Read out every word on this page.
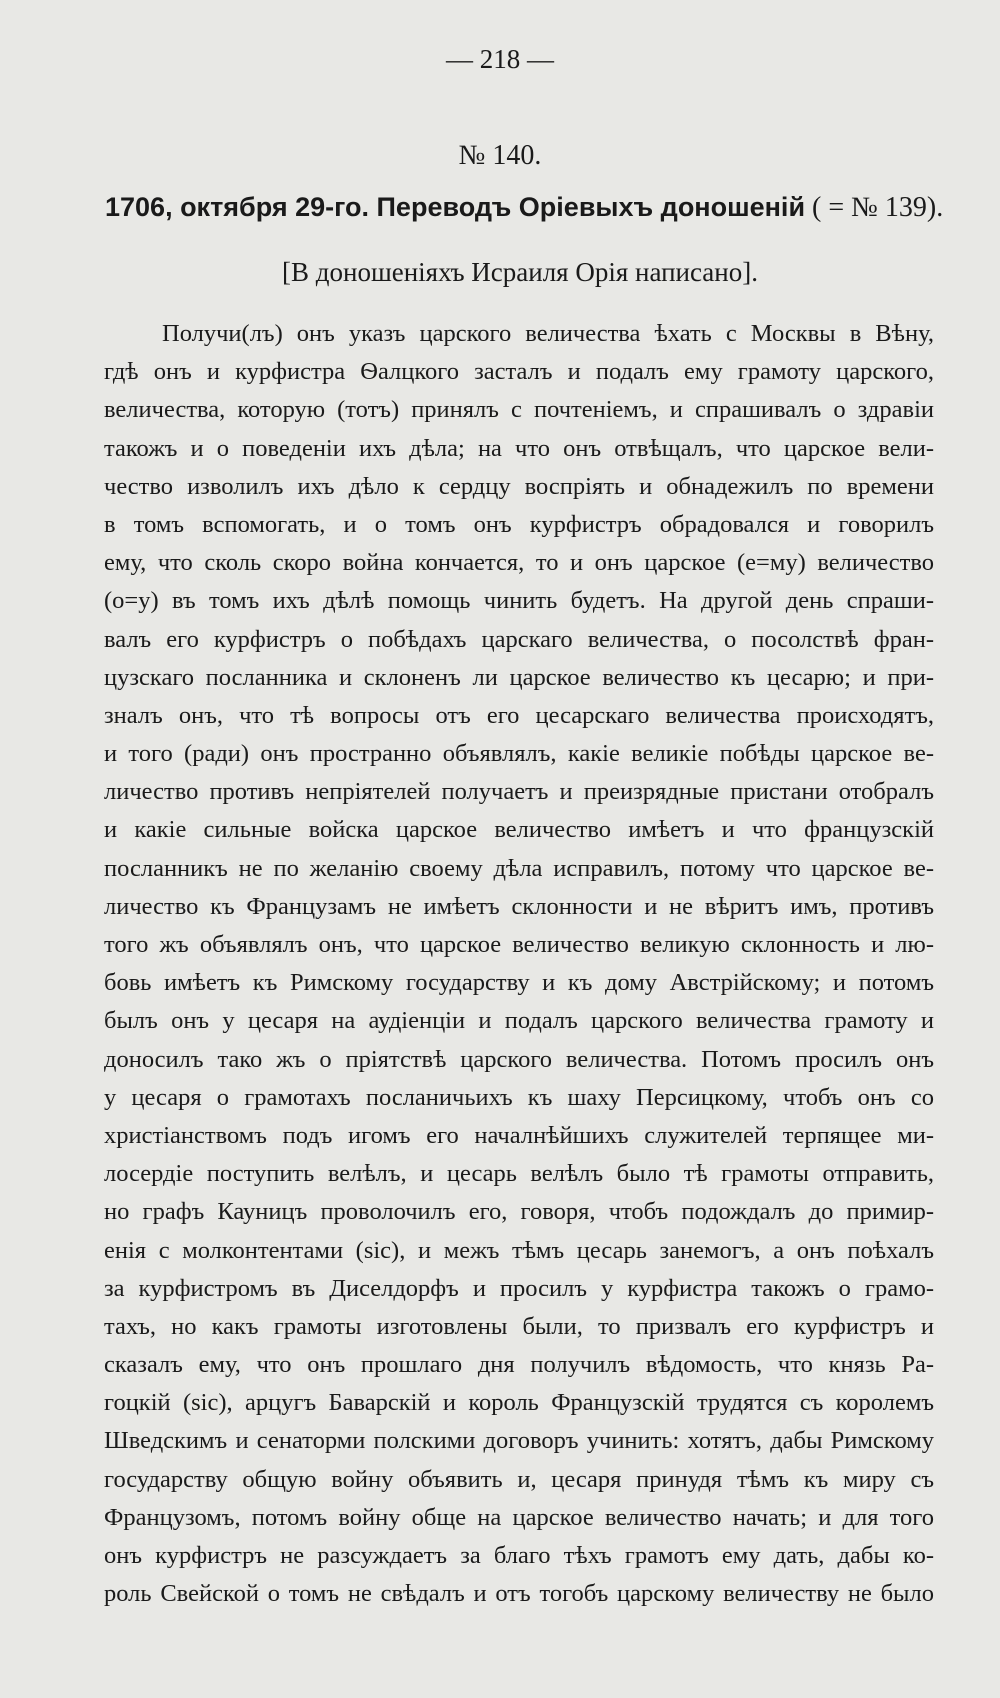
— 218 —
№ 140.
1706, октября 29-го. Переводъ Оріевыхъ доношеній ( = № 139).
[В доношеніяхъ Исраиля Орія написано].
Получи(лъ) онъ указъ царского величества ѣхать с Москвы в Вѣну,
гдѣ онъ и курфистра Ѳалцкого засталъ и подалъ ему грамоту царского,
величества, которую (тотъ) принялъ с почтеніемъ, и спрашивалъ о здравіи
такожъ и о поведеніи ихъ дѣла; на что онъ отвѣщалъ, что царское вели-
чество изволилъ ихъ дѣло к сердцу воспріять и обнадежилъ по времени
в томъ вспомогать, и о томъ онъ курфистръ обрадовался и говорилъ
ему, что сколь скоро война кончается, то и онъ царское (е=му) величество
(о=у) въ томъ ихъ дѣлѣ помощь чинить будетъ. На другой день спраши-
валъ его курфистръ о побѣдахъ царскаго величества, о посолствѣ фран-
цузскаго посланника и склоненъ ли царское величество къ цесарю; и при-
зналъ онъ, что тѣ вопросы отъ его цесарскаго величества происходятъ,
и того (ради) онъ пространно объявлялъ, какіе великіе побѣды царское ве-
личество противъ непріятелей получаетъ и преизрядные пристани отобралъ
и какіе сильные войска царское величество имѣетъ и что французскій
посланникъ не по желанію своему дѣла исправилъ, потому что царское ве-
личество къ Французамъ не имѣетъ склонности и не вѣритъ имъ, противъ
того жъ объявлялъ онъ, что царское величество великую склонность и лю-
бовь имѣетъ къ Римскому государству и къ дому Австрійскому; и потомъ
былъ онъ у цесаря на аудіенціи и подалъ царского величества грамоту и
доносилъ тако жъ о пріятствѣ царского величества. Потомъ просилъ онъ
у цесаря о грамотахъ посланичьихъ къ шаху Персицкому, чтобъ онъ со
христіанствомъ подъ игомъ его началнѣйшихъ служителей терпящее ми-
лосердіе поступить велѣлъ, и цесарь велѣлъ было тѣ грамоты отправить,
но графъ Кауницъ проволочилъ его, говоря, чтобъ подождалъ до примир-
енія с молконтентами (sic), и межъ тѣмъ цесарь занемогъ, а онъ поѣхалъ
за курфистромъ въ Диселдорфъ и просилъ у курфистра такожъ о грамо-
тахъ, но какъ грамоты изготовлены были, то призвалъ его курфистръ и
сказалъ ему, что онъ прошлаго дня получилъ вѣдомость, что князь Ра-
гоцкій (sic), арцугъ Баварскій и король Французскій трудятся съ королемъ
Шведскимъ и сенаторми полскими договоръ учинить: хотятъ, дабы Римскому
государству общую войну объявить и, цесаря принудя тѣмъ къ миру съ
Французомъ, потомъ войну обще на царское величество начать; и для того
онъ курфистръ не разсуждаетъ за благо тѣхъ грамотъ ему дать, дабы ко-
роль Свейской о томъ не свѣдалъ и отъ тогобъ царскому величеству не было
